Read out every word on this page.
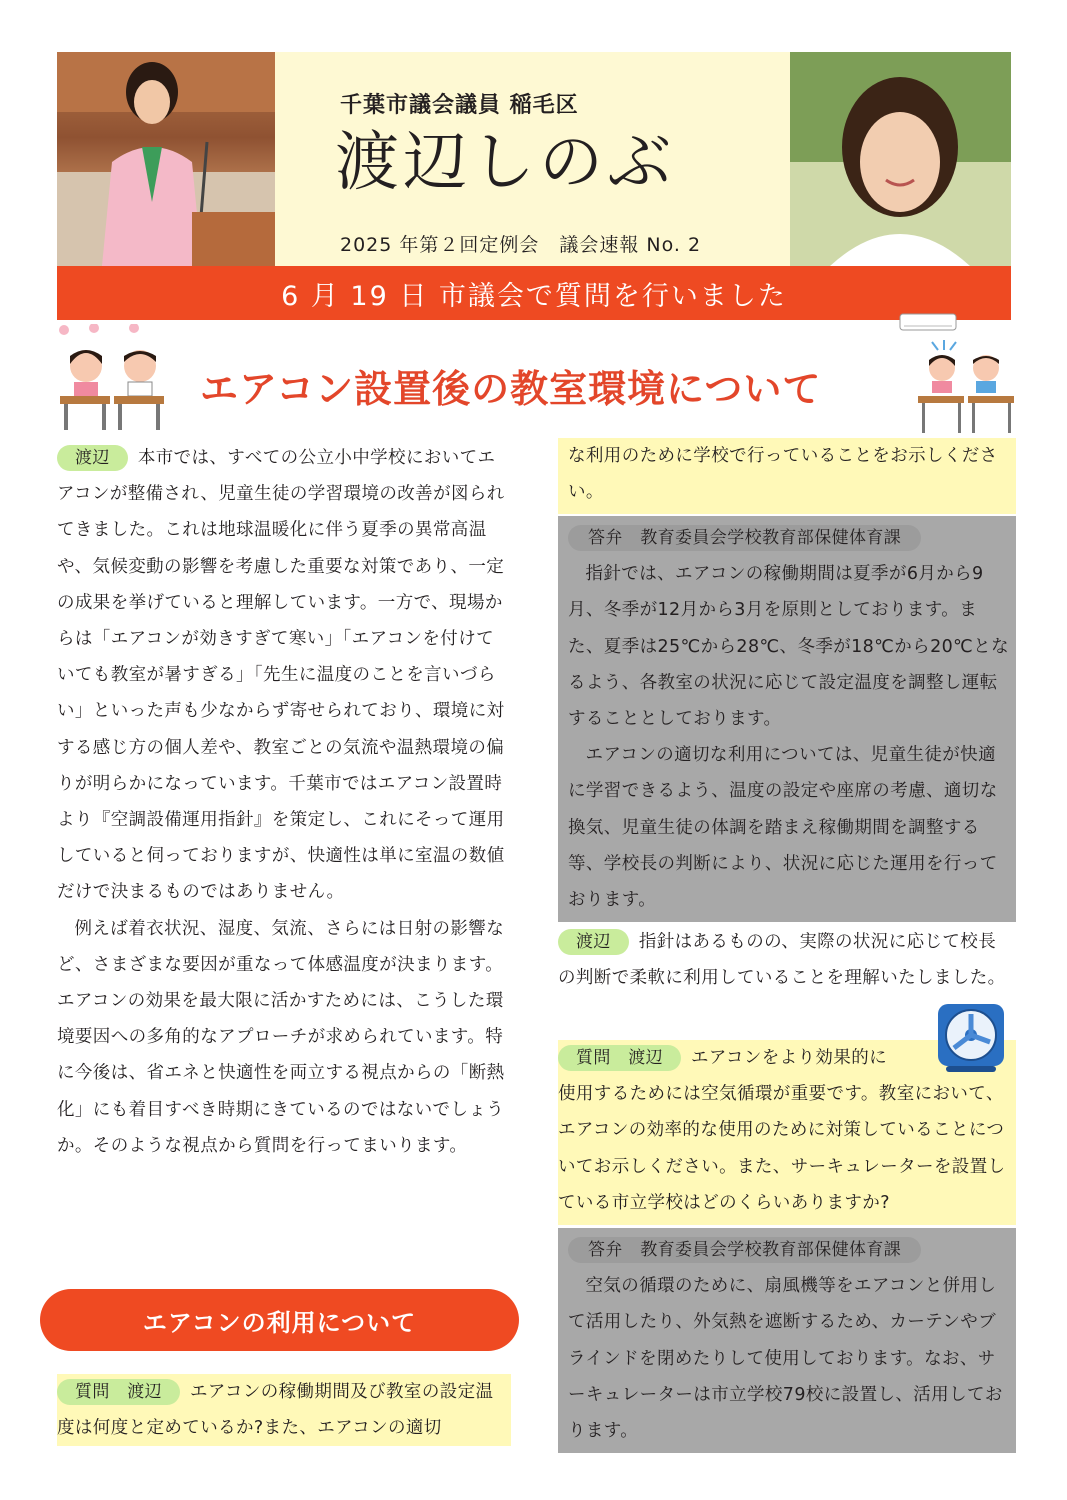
千葉市議会議員 稲毛区
渡辺しのぶ
2025 年第２回定例会　議会速報 No. 2
6 月 19 日 市議会で質問を行いました
エアコン設置後の教室環境について

渡辺 本市では、すべての公立小中学校においてエアコンが整備され、児童生徒の学習環境の改善が図られてきました。これは地球温暖化に伴う夏季の異常高温や、気候変動の影響を考慮した重要な対策であり、一定の成果を挙げていると理解しています。一方で、現場からは「エアコンが効きすぎて寒い」「エアコンを付けていても教室が暑すぎる」「先生に温度のことを言いづらい」といった声も少なからず寄せられており、環境に対する感じ方の個人差や、教室ごとの気流や温熱環境の偏りが明らかになっています。千葉市ではエアコン設置時より『空調設備運用指針』を策定し、これにそって運用していると伺っておりますが、快適性は単に室温の数値だけで決まるものではありません。

例えば着衣状況、湿度、気流、さらには日射の影響など、さまざまな要因が重なって体感温度が決まります。エアコンの効果を最大限に活かすためには、こうした環境要因への多角的なアプローチが求められています。特に今後は、省エネと快適性を両立する視点からの「断熱化」にも着目すべき時期にきているのではないでしょうか。そのような視点から質問を行ってまいります。

エアコンの利用について

質問　渡辺 エアコンの稼働期間及び教室の設定温度は何度と定めているか?また、エアコンの適切

な利用のために学校で行っていることをお示しください。

答弁　教育委員会学校教育部保健体育課

指針では、エアコンの稼働期間は夏季が6月から9月、冬季が12月から3月を原則としております。また、夏季は25℃から28℃、冬季が18℃から20℃となるよう、各教室の状況に応じて設定温度を調整し運転することとしております。

エアコンの適切な利用については、児童生徒が快適に学習できるよう、温度の設定や座席の考慮、適切な換気、児童生徒の体調を踏まえ稼働期間を調整する等、学校長の判断により、状況に応じた運用を行っております。

渡辺 指針はあるものの、実際の状況に応じて校長の判断で柔軟に利用していることを理解いたしました。

質問　渡辺 エアコンをより効果的に

使用するためには空気循環が重要です。教室において、エアコンの効率的な使用のために対策していることについてお示しください。また、サーキュレーターを設置している市立学校はどのくらいありますか?

答弁　教育委員会学校教育部保健体育課

空気の循環のために、扇風機等をエアコンと併用して活用したり、外気熱を遮断するため、カーテンやブラインドを閉めたりして使用しております。なお、サーキュレーターは市立学校79校に設置し、活用しております。
